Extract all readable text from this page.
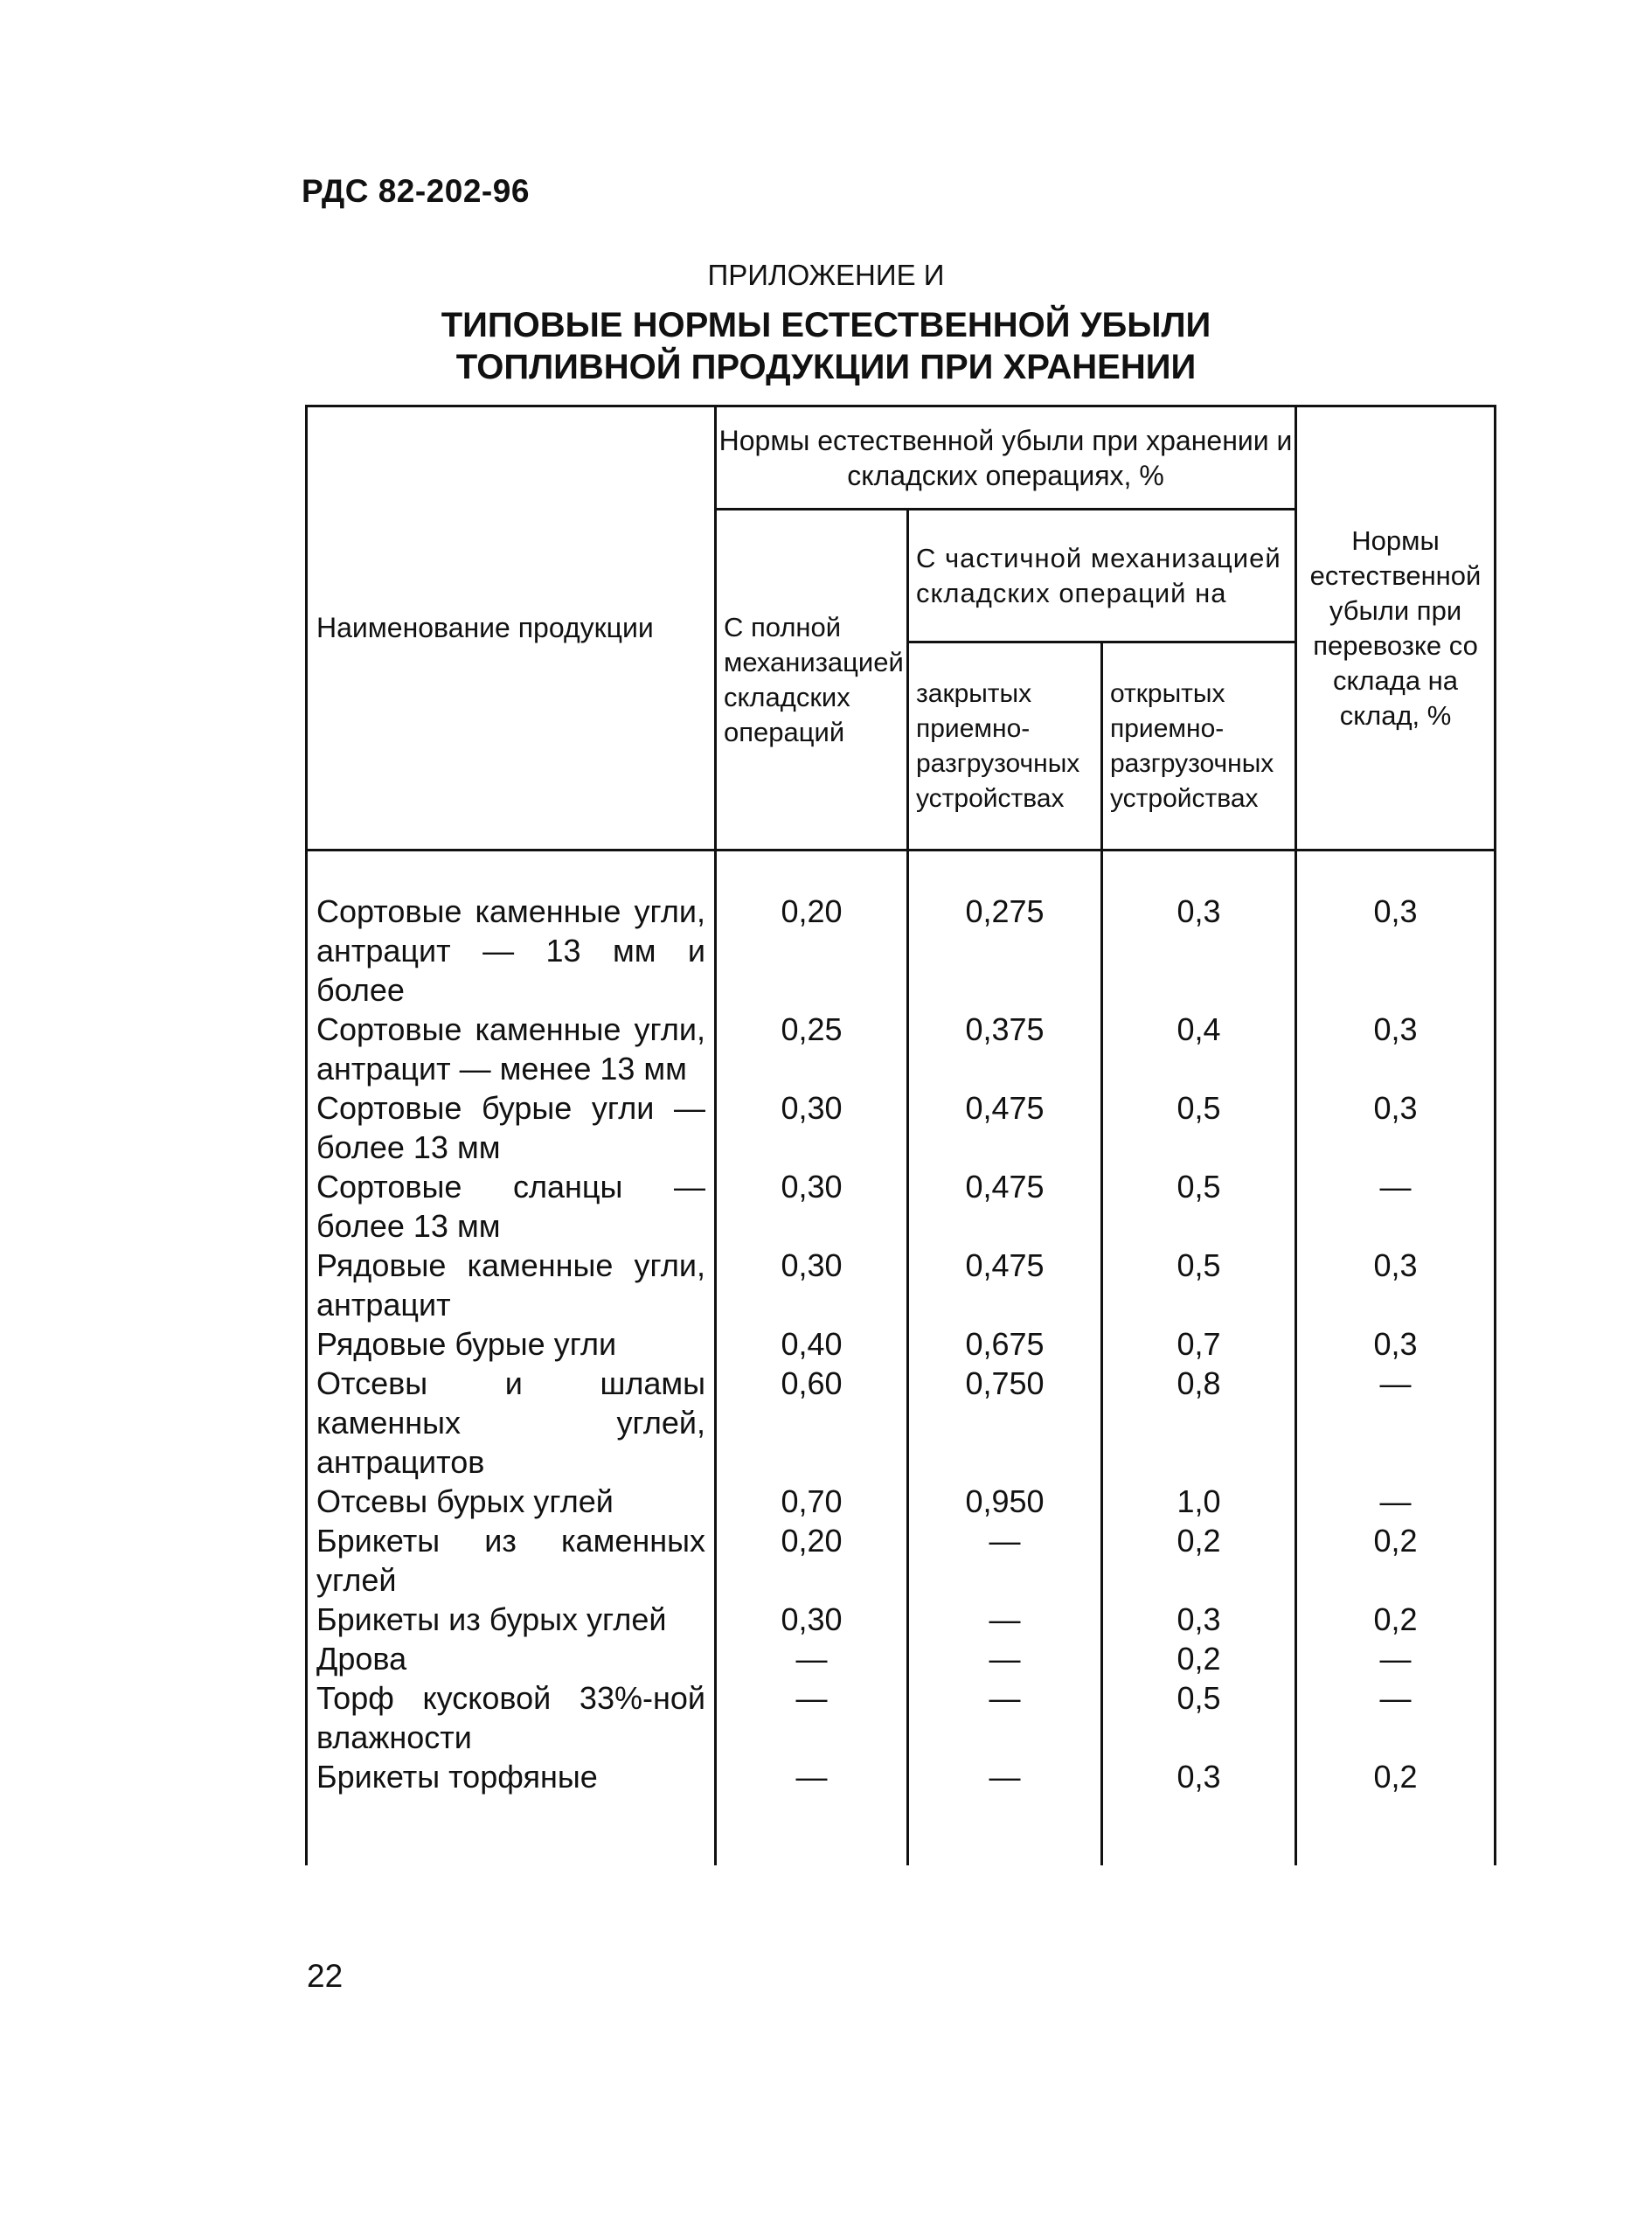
РДС 82-202-96
ПРИЛОЖЕНИЕ И
ТИПОВЫЕ НОРМЫ ЕСТЕСТВЕННОЙ УБЫЛИ
ТОПЛИВНОЙ ПРОДУКЦИИ ПРИ ХРАНЕНИИ
Наименование продукции	Нормы естественной убыли при хранении и складских операциях, %			Нормы естественной убыли при перевозке со склада на склад, %
	С полной механизацией складских операций	С частичной механизацией складских операций на		
		закрытых приемно-разгрузочных устройствах	открытых приемно-разгрузочных устройствах	
Сортовые каменные угли, антрацит — 13 мм и более	0,20	0,275	0,3	0,3
Сортовые каменные угли, антрацит — менее 13 мм	0,25	0,375	0,4	0,3
Сортовые бурые угли — более 13 мм	0,30	0,475	0,5	0,3
Сортовые сланцы — более 13 мм	0,30	0,475	0,5	—
Рядовые каменные угли, антрацит	0,30	0,475	0,5	0,3
Рядовые бурые угли	0,40	0,675	0,7	0,3
Отсевы и шламы каменных углей, антрацитов	0,60	0,750	0,8	—
Отсевы бурых углей	0,70	0,950	1,0	—
Брикеты из каменных углей	0,20	—	0,2	0,2
Брикеты из бурых углей	0,30	—	0,3	0,2
Дрова	—	—	0,2	—
Торф кусковой 33%-ной влажности	—	—	0,5	—
Брикеты торфяные	—	—	0,3	0,2
22
